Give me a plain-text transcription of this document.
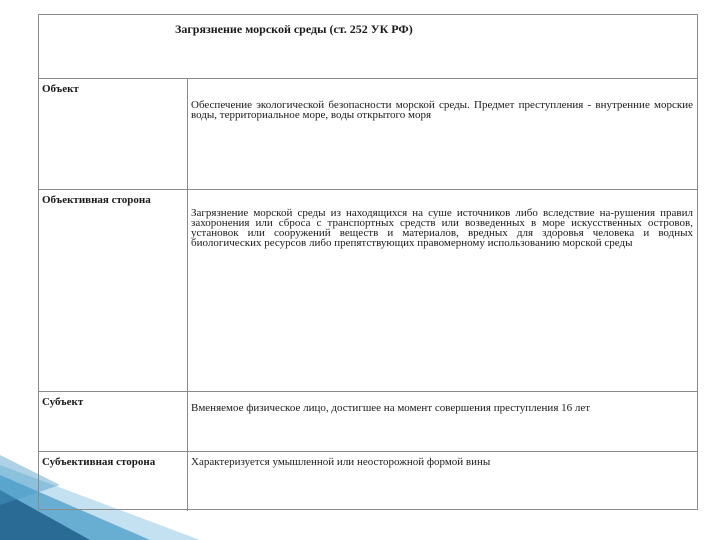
Загрязнение морской среды (ст. 252 УК РФ)
Объект
Обеспечение экологической безопасности морской среды. Предмет преступления - внутренние морские воды, территориальное море, воды открытого моря
Объективная сторона
Загрязнение морской среды из находящихся на суше источников либо вследствие на-рушения правил захоронения или сброса с транспортных средств или возведенных в море искусственных островов, установок или сооружений веществ и материалов, вредных для здоровья человека и водных биологических ресурсов либо препятствующих правомерному использованию морской среды
Субъект	Вменяемое физическое лицо, достигшее на момент совершения преступления 16 лет
Субъективная сторона	Характеризуется умышленной или неосторожной формой вины
